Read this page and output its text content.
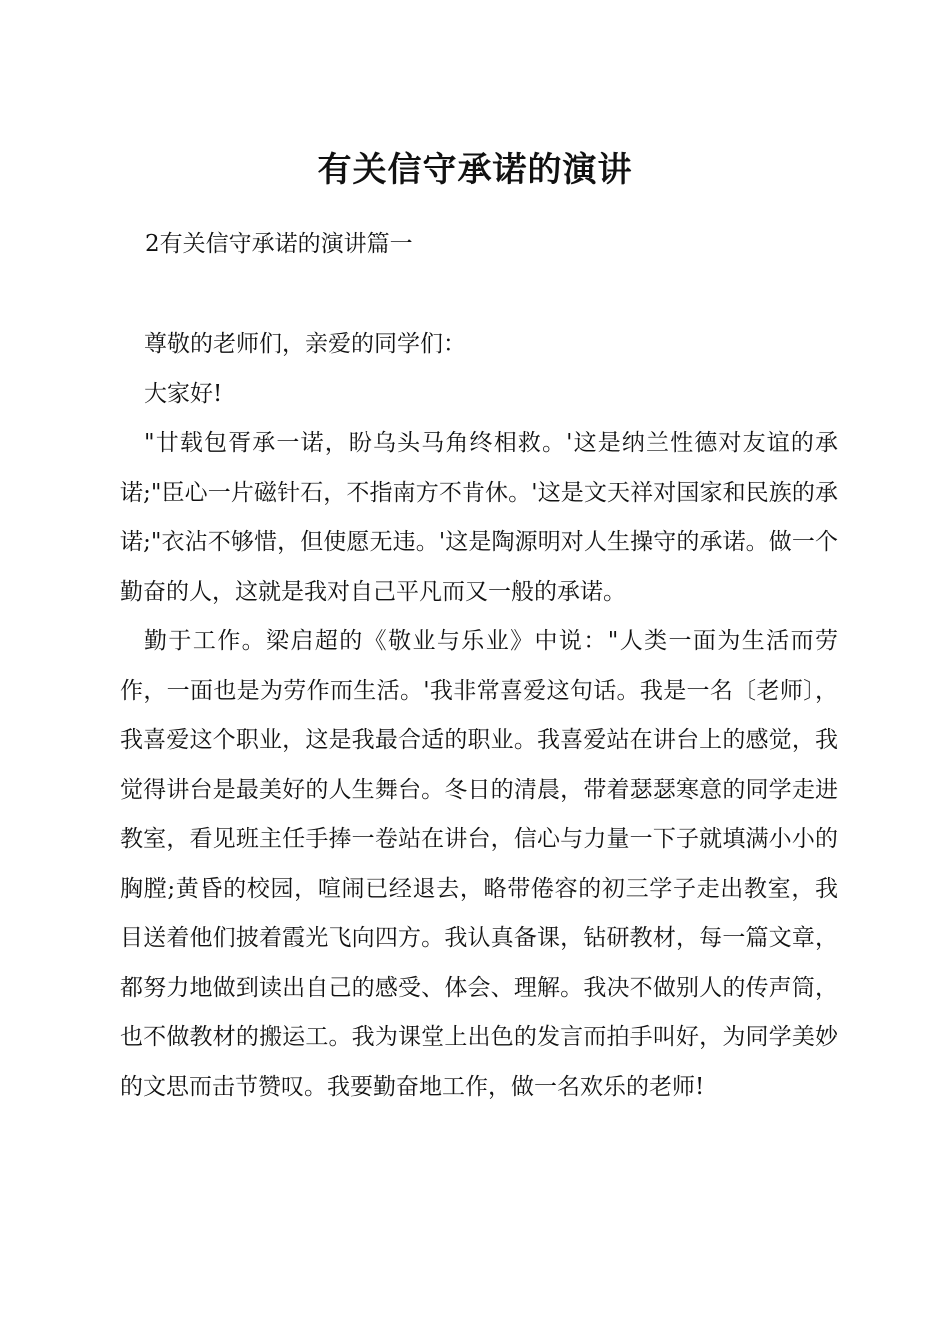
有关信守承诺的演讲
2有关信守承诺的演讲篇一

尊敬的老师们，亲爱的同学们：

大家好!

"廿载包胥承一诺，盼乌头马角终相救。'这是纳兰性德对友谊的承诺;"臣心一片磁针石，不指南方不肯休。'这是文天祥对国家和民族的承诺;"衣沾不够惜，但使愿无违。'这是陶源明对人生操守的承诺。做一个勤奋的人，这就是我对自己平凡而又一般的承诺。

勤于工作。梁启超的《敬业与乐业》中说："人类一面为生活而劳作，一面也是为劳作而生活。'我非常喜爱这句话。我是一名〔老师〕，我喜爱这个职业，这是我最合适的职业。我喜爱站在讲台上的感觉，我觉得讲台是最美好的人生舞台。冬日的清晨，带着瑟瑟寒意的同学走进教室，看见班主任手捧一卷站在讲台，信心与力量一下子就填满小小的胸膛;黄昏的校园，喧闹已经退去，略带倦容的初三学子走出教室，我目送着他们披着霞光飞向四方。我认真备课，钻研教材，每一篇文章，都努力地做到读出自己的感受、体会、理解。我决不做别人的传声筒，也不做教材的搬运工。我为课堂上出色的发言而拍手叫好，为同学美妙的文思而击节赞叹。我要勤奋地工作，做一名欢乐的老师!
